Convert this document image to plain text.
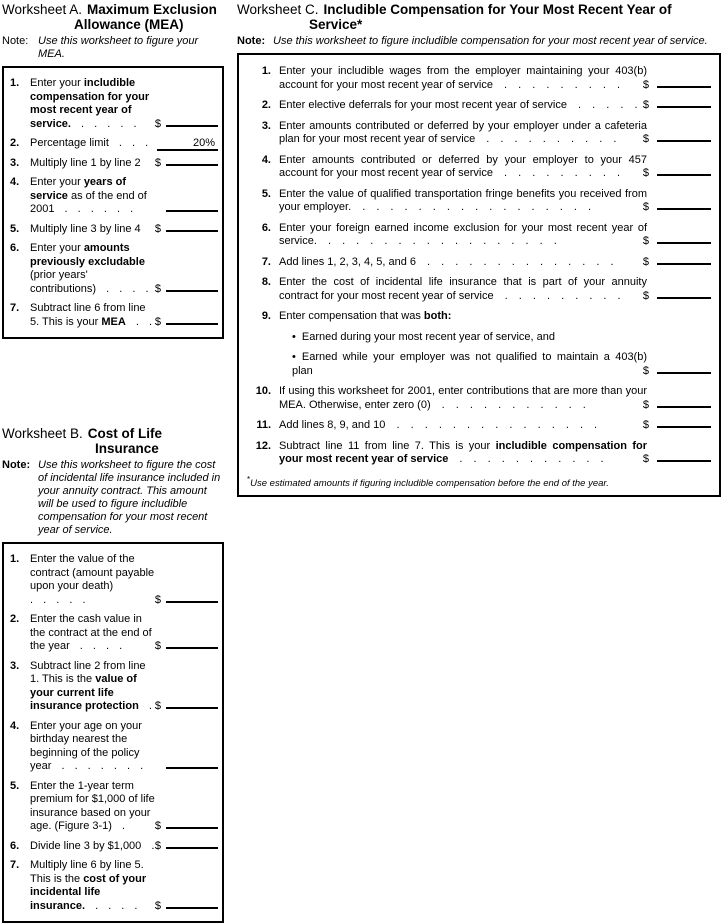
Worksheet A. Maximum Exclusion
Allowance (MEA)
Note: Use this worksheet to figure your MEA.
1. Enter your includible compensation for your most recent year of service. . . . . .	$
2. Percentage limit . . .	20%
3. Multiply line 1 by line 2	$
4. Enter your years of service as of the end of 2001 . . . . . .
5. Multiply line 3 by line 4	$
6. Enter your amounts previously excludable (prior years' contributions) . . . . $
7. Subtract line 6 from line 5. This is your MEA . . $
Worksheet B. Cost of Life
Insurance
Note: Use this worksheet to figure the cost of incidental life insurance included in your annuity contract. This amount will be used to figure includible compensation for your most recent year of service.
1. Enter the value of the contract (amount payable upon your death) . . . . .	$
2. Enter the cash value in the contract at the end of the year . . . .	$
3. Subtract line 2 from line 1. This is the value of your current life insurance protection . $
4. Enter your age on your birthday nearest the beginning of the policy year . . . . . . .
5. Enter the 1-year term premium for $1,000 of life insurance based on your age. (Figure 3-1) .	$
6. Divide line 3 by $1,000 . $
7. Multiply line 6 by line 5. This is the cost of your incidental life insurance. . . . .	$
Worksheet C. Includible Compensation for Your Most Recent Year of
Service*
Note: Use this worksheet to figure includible compensation for your most recent year of service.
1. Enter your includible wages from the employer maintaining your 403(b) account for your most recent year of service . . . . . . . . .	$
2. Enter elective deferrals for your most recent year of service . . . . . $
3. Enter amounts contributed or deferred by your employer under a cafeteria plan for your most recent year of service . . . . . . . . . .	$
4. Enter amounts contributed or deferred by your employer to your 457 account for your most recent year of service . . . . . . . . .	$
5. Enter the value of qualified transportation fringe benefits you received from your employer. . . . . . . . . . . . . . . . . .	$
6. Enter your foreign earned income exclusion for your most recent year of service. . . . . . . . . . . . . . . . . .	$
7. Add lines 1, 2, 3, 4, 5, and 6 . . . . . . . . . . . . . .	$
8. Enter the cost of incidental life insurance that is part of your annuity contract for your most recent year of service . . . . . . . . .	$
9. Enter compensation that was both:
• Earned during your most recent year of service, and
• Earned while your employer was not qualified to maintain a 403(b) plan	$
10. If using this worksheet for 2001, enter contributions that are more than your MEA. Otherwise, enter zero (0) . . . . . . . . . . .	$
11. Add lines 8, 9, and 10 . . . . . . . . . . . . . . .	$
12. Subtract line 11 from line 7. This is your includible compensation for your most recent year of service . . . . . . . . . . .	$
*Use estimated amounts if figuring includible compensation before the end of the year.
